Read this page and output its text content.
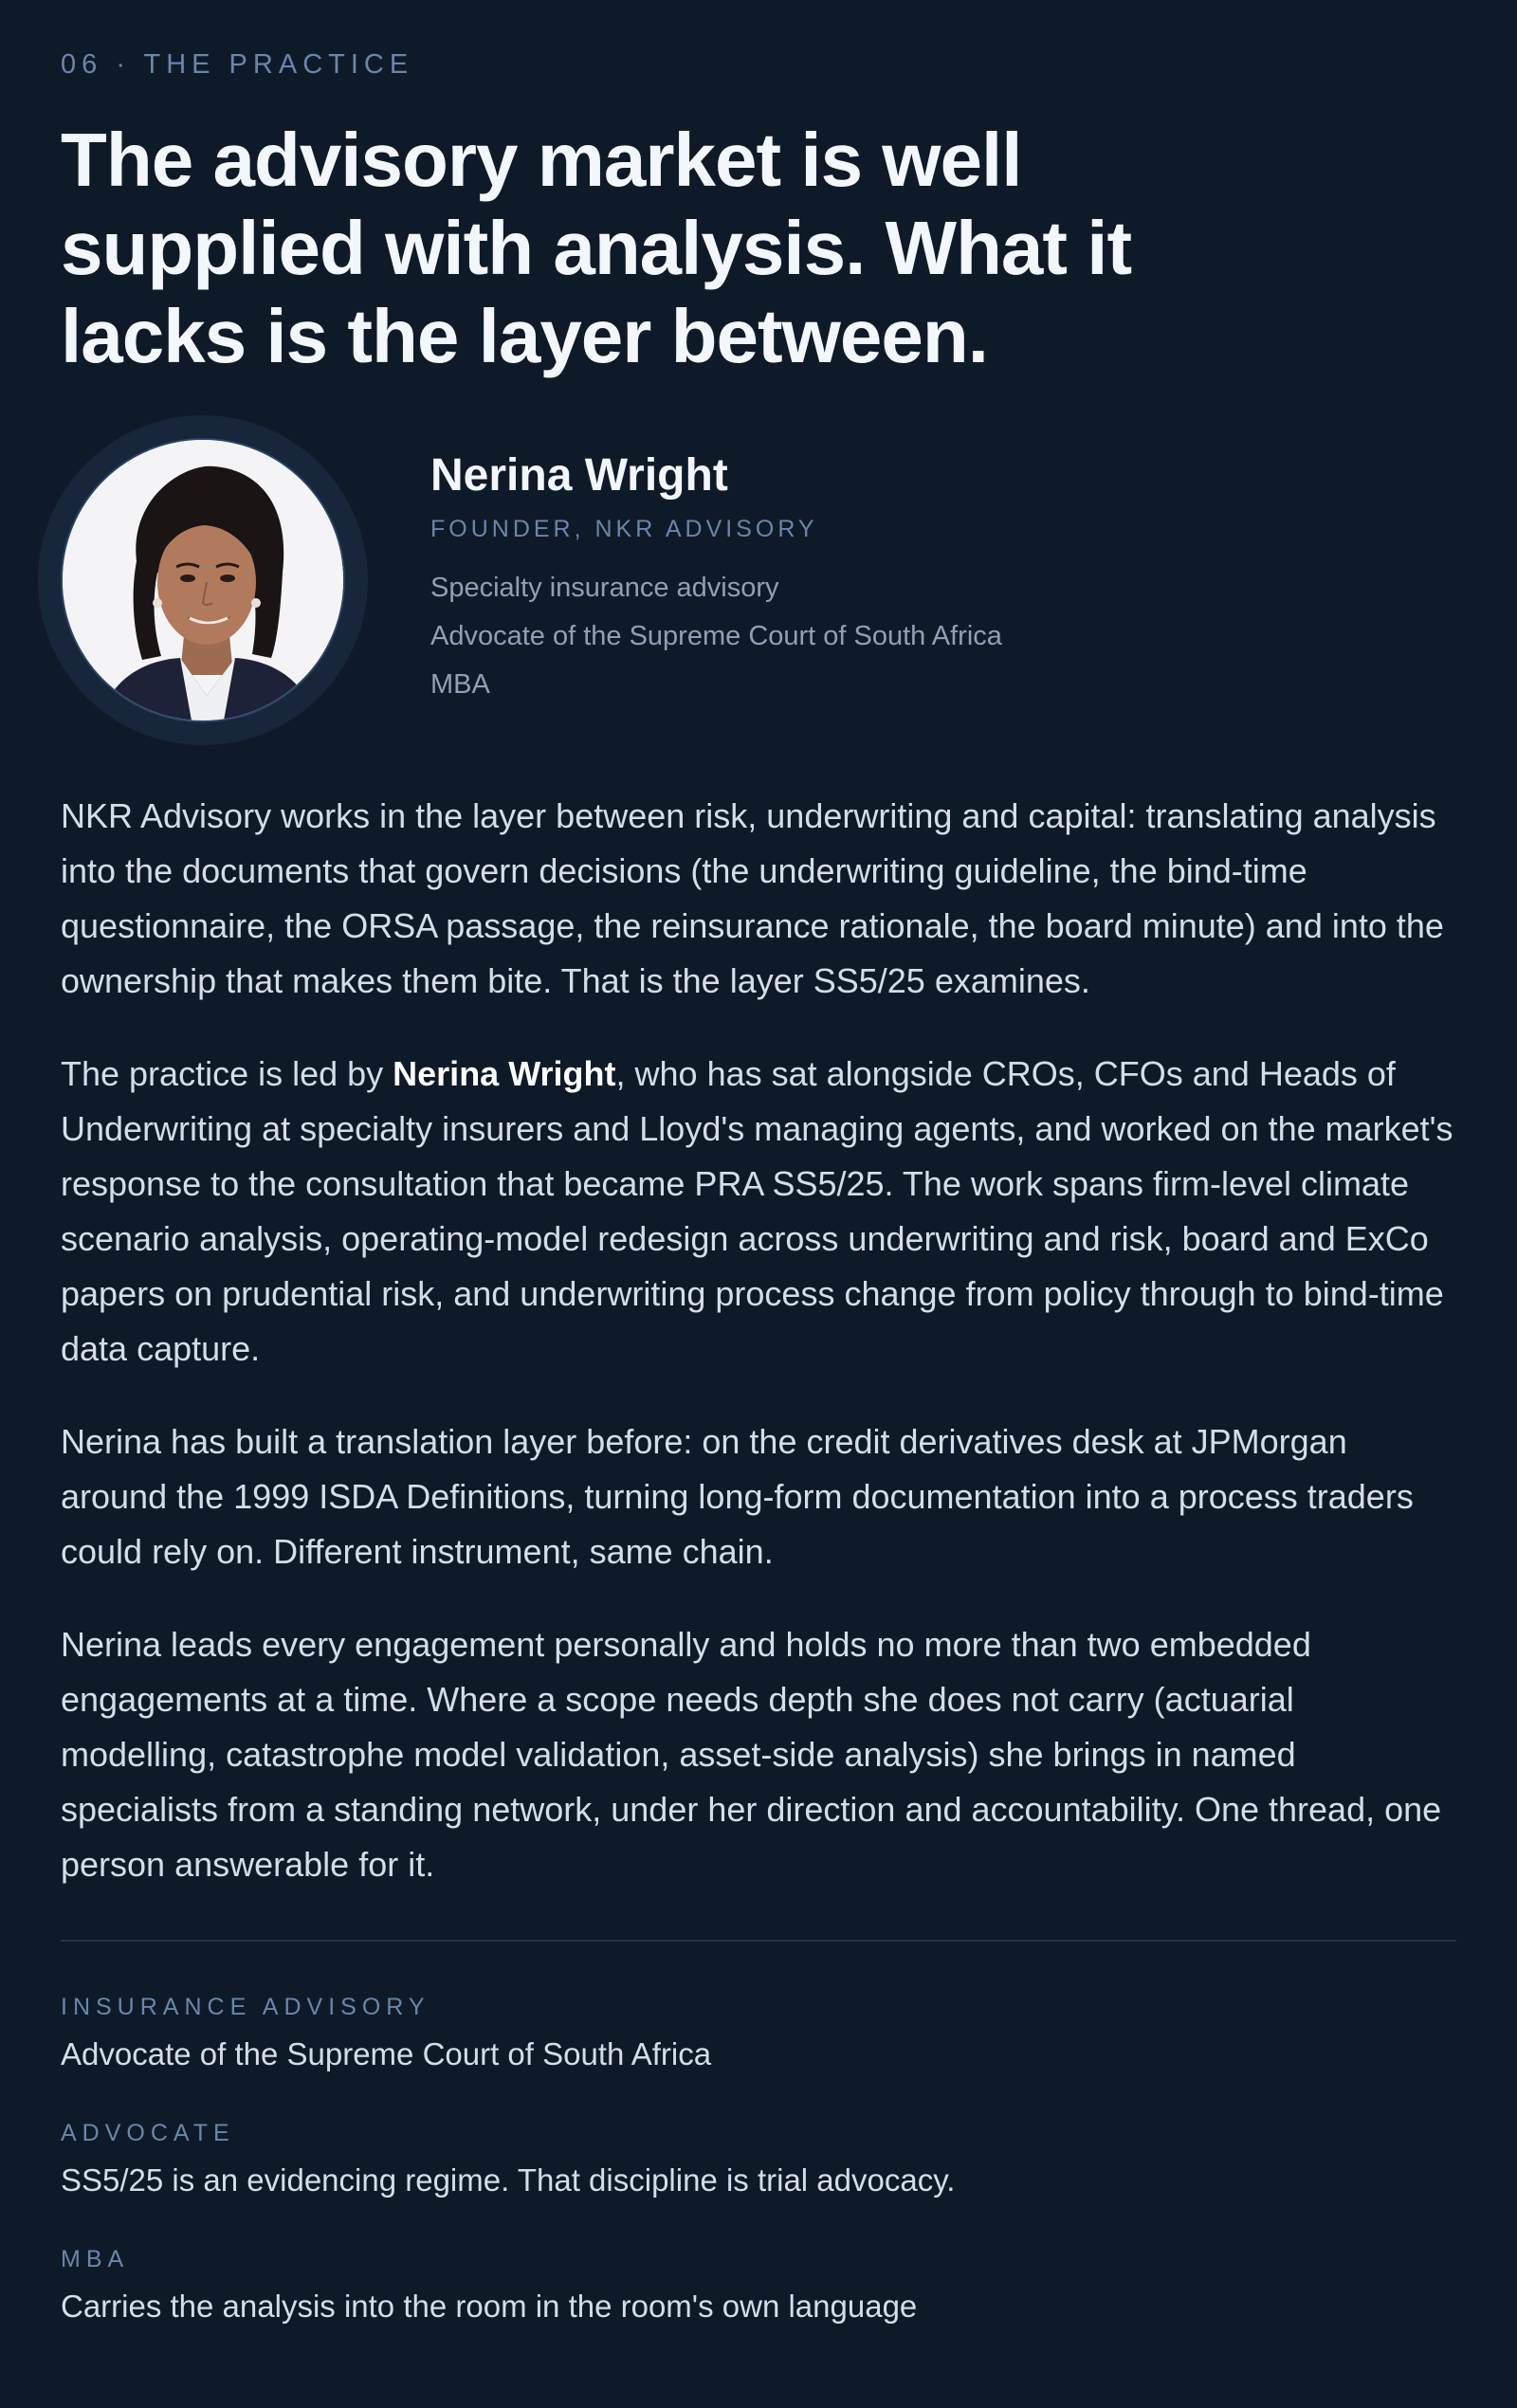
06 · THE PRACTICE
The advisory market is well supplied with analysis. What it lacks is the layer between.
Nerina Wright
FOUNDER, NKR ADVISORY
Specialty insurance advisory
Advocate of the Supreme Court of South Africa
MBA

NKR Advisory works in the layer between risk, underwriting and capital: translating analysis into the documents that govern decisions (the underwriting guideline, the bind-time questionnaire, the ORSA passage, the reinsurance rationale, the board minute) and into the ownership that makes them bite. That is the layer SS5/25 examines.

The practice is led by Nerina Wright, who has sat alongside CROs, CFOs and Heads of Underwriting at specialty insurers and Lloyd's managing agents, and worked on the market's response to the consultation that became PRA SS5/25. The work spans firm-level climate scenario analysis, operating-model redesign across underwriting and risk, board and ExCo papers on prudential risk, and underwriting process change from policy through to bind-time data capture.

Nerina has built a translation layer before: on the credit derivatives desk at JPMorgan around the 1999 ISDA Definitions, turning long-form documentation into a process traders could rely on. Different instrument, same chain.

Nerina leads every engagement personally and holds no more than two embedded engagements at a time. Where a scope needs depth she does not carry (actuarial modelling, catastrophe model validation, asset-side analysis) she brings in named specialists from a standing network, under her direction and accountability. One thread, one person answerable for it.

INSURANCE ADVISORY
Advocate of the Supreme Court of South Africa
ADVOCATE
SS5/25 is an evidencing regime. That discipline is trial advocacy.
MBA
Carries the analysis into the room in the room's own language
